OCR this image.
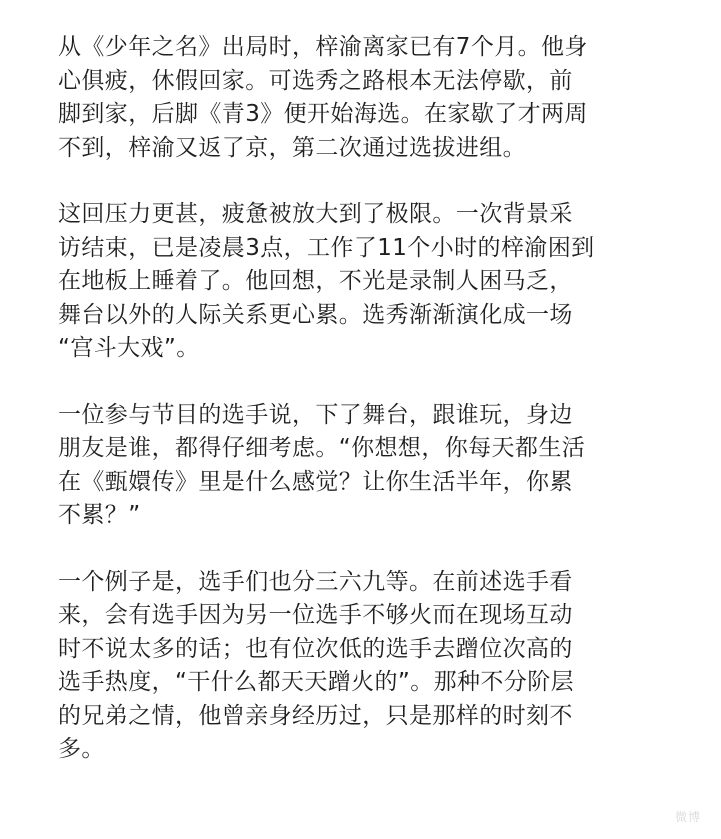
从《少年之名》出局时，梓渝离家已有7个月。他身
心俱疲，休假回家。可选秀之路根本无法停歇，前
脚到家，后脚《青3》便开始海选。在家歇了才两周
不到，梓渝又返了京，第二次通过选拔进组。
这回压力更甚，疲惫被放大到了极限。一次背景采
访结束，已是凌晨3点，工作了11个小时的梓渝困到
在地板上睡着了。他回想，不光是录制人困马乏，
舞台以外的人际关系更心累。选秀渐渐演化成一场
“宫斗大戏”。
一位参与节目的选手说，下了舞台，跟谁玩，身边
朋友是谁，都得仔细考虑。“你想想，你每天都生活
在《甄嬛传》里是什么感觉？让你生活半年，你累
不累？”
一个例子是，选手们也分三六九等。在前述选手看
来，会有选手因为另一位选手不够火而在现场互动
时不说太多的话；也有位次低的选手去蹭位次高的
选手热度，“干什么都天天蹭火的”。那种不分阶层
的兄弟之情，他曾亲身经历过，只是那样的时刻不
多。
微博
